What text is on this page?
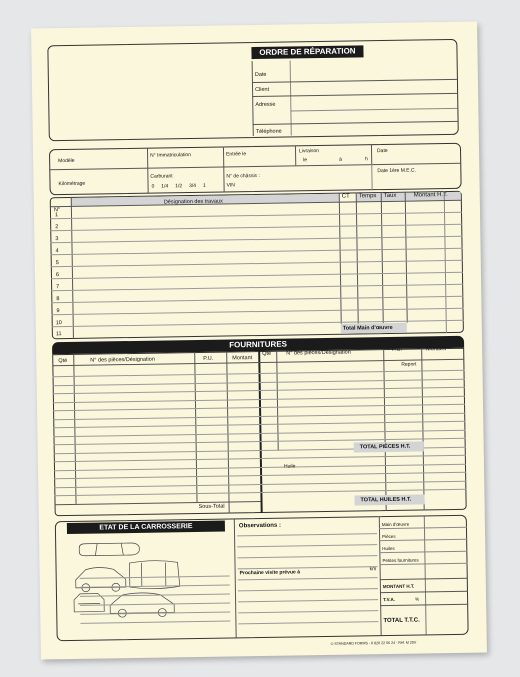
ORDRE DE RÉPARATION
Date
Client
Adresse
Téléphone
Modèle
N° Immatriculation	Entrée le	Livraison
le	à	h
Date
Kilométrage
Carburant
0     1/4     1/2     3/4     1
N° de châssis :
VIN
Date 1ère M.E.C.
N°
Désignation des travaux
CT Temps Taux	Montant H.T.
1
2
3
4
5
6
7
8
9
10
11
Total Main d'œuvre
FOURNITURES
Qté	N° des pièces/Désignation	P.U.	Montant
Sous-Total
Qté	N° des pièces/Désignation	P.U.	Montant
Report
TOTAL PIÈCES H.T.
Huile
TOTAL HUILES H.T.
ETAT DE LA CARROSSERIE	Observations :
Prochaine visite prévue à
km
Main d'œuvre
Pièces
Huiles
Petites fournitures
MONTANT H.T.
T.V.A.	%
TOTAL T.T.C.
© STANDARD FORMS - 0 820 22 56 24 - Réf. M 20V
